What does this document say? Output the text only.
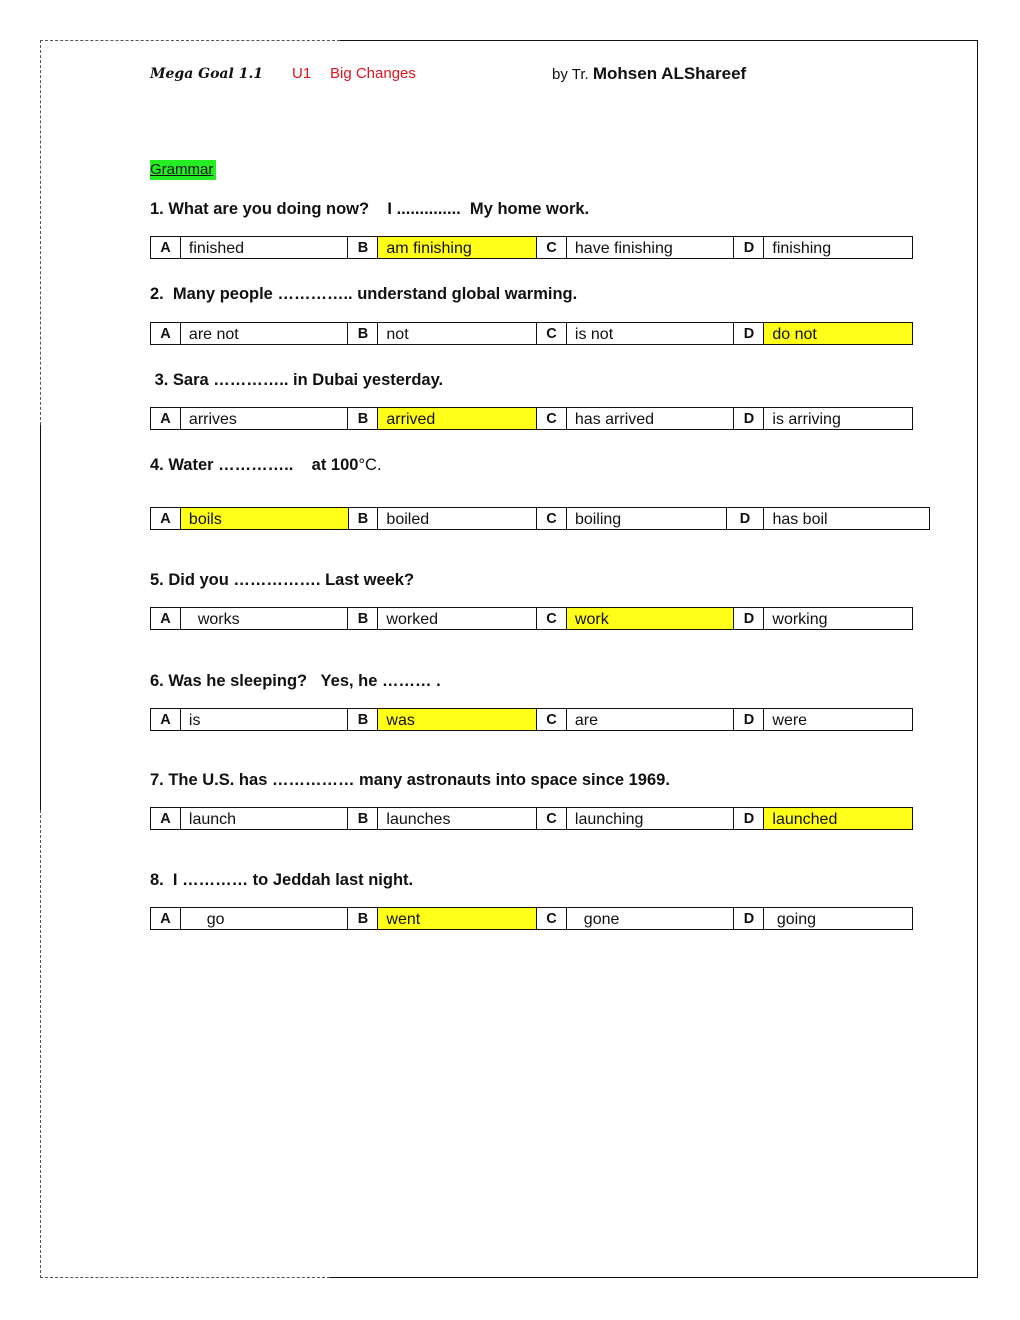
Mega Goal 1.1 U1 Big Changes	by Tr. Mohsen ALShareef
Grammar
1. What are you doing now?    I ..............  My home work.
A	finished	B	am finishing	C	have finishing	D	finishing
2.  Many people ………….. understand global warming.
A	are not	B	not	C	is not	D	do not
3. Sara ………….. in Dubai yesterday.
A	arrives	B	arrived	C	has arrived	D	is arriving
4. Water …………..    at 100°C.
A	boils	B	boiled	C	boiling	D	has boil
5. Did you ……………. Last week?
A	works	B	worked	C	work	D	working
6. Was he sleeping?   Yes, he ……… .
A	is	B	was	C	are	D	were
7. The U.S. has …………… many astronauts into space since 1969.
A	launch	B	launches	C	launching	D	launched
8.  I ………… to Jeddah last night.
A	go	B	went	C	gone	D	going
